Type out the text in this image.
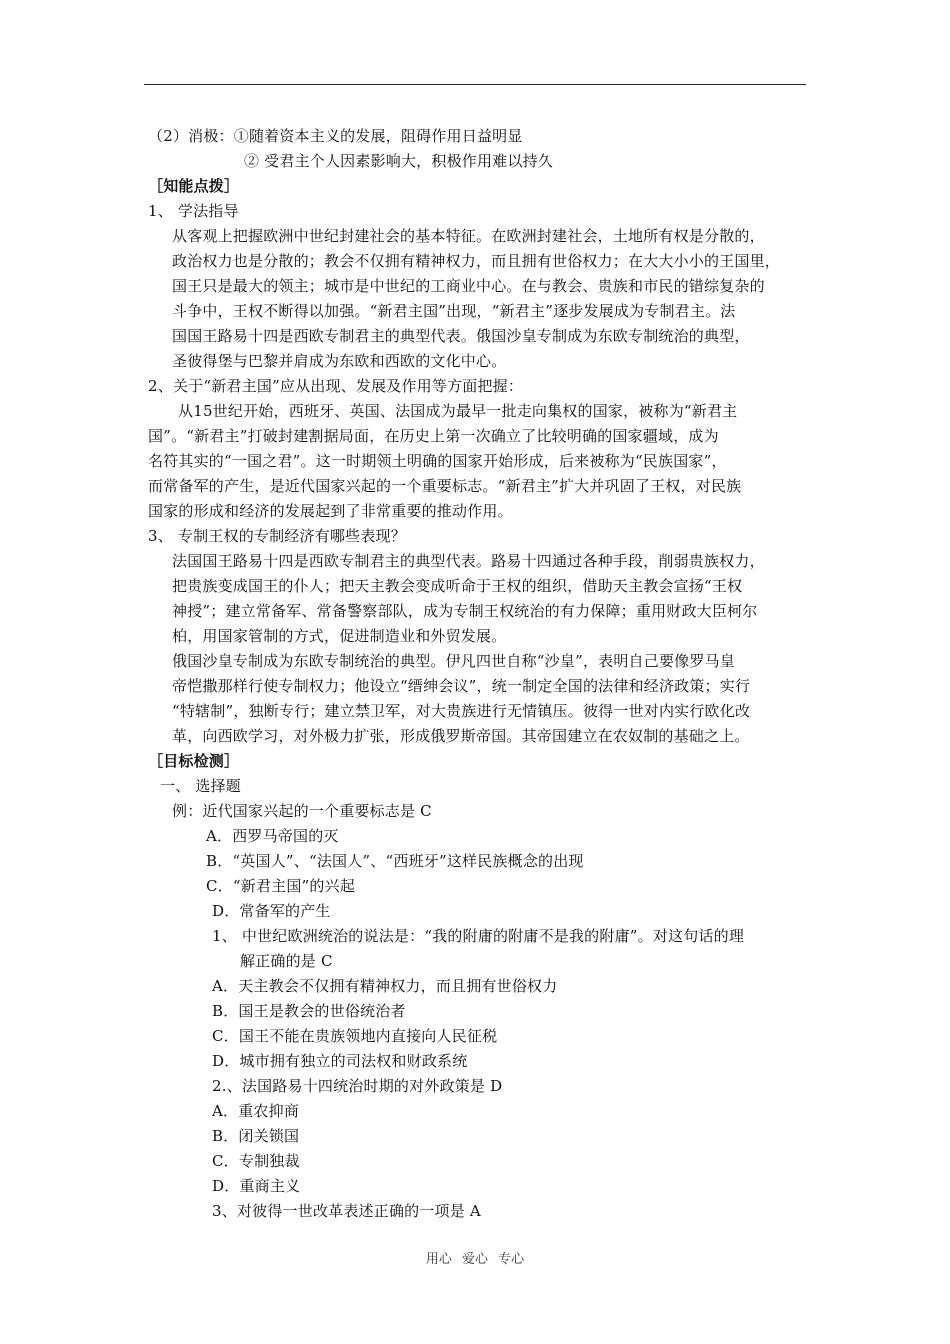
（2）消极：①随着资本主义的发展，阻碍作用日益明显
② 受君主个人因素影响大，积极作用难以持久
［知能点拨］
1、 学法指导
从客观上把握欧洲中世纪封建社会的基本特征。在欧洲封建社会，土地所有权是分散的，
政治权力也是分散的；教会不仅拥有精神权力，而且拥有世俗权力；在大大小小的王国里，
国王只是最大的领主；城市是中世纪的工商业中心。在与教会、贵族和市民的错综复杂的
斗争中，王权不断得以加强。“新君主国”出现，“新君主”逐步发展成为专制君主。法
国国王路易十四是西欧专制君主的典型代表。俄国沙皇专制成为东欧专制统治的典型，
圣彼得堡与巴黎并肩成为东欧和西欧的文化中心。
2、关于“新君主国”应从出现、发展及作用等方面把握：
从15世纪开始，西班牙、英国、法国成为最早一批走向集权的国家，被称为“新君主
国”。“新君主”打破封建割据局面，在历史上第一次确立了比较明确的国家疆域，成为
名符其实的“一国之君”。这一时期领土明确的国家开始形成，后来被称为“民族国家”，
而常备军的产生，是近代国家兴起的一个重要标志。“新君主”扩大并巩固了王权，对民族
国家的形成和经济的发展起到了非常重要的推动作用。
3、 专制王权的专制经济有哪些表现？
法国国王路易十四是西欧专制君主的典型代表。路易十四通过各种手段，削弱贵族权力，
把贵族变成国王的仆人；把天主教会变成听命于王权的组织，借助天主教会宣扬“王权
神授”；建立常备军、常备警察部队，成为专制王权统治的有力保障；重用财政大臣柯尔
柏，用国家管制的方式，促进制造业和外贸发展。
俄国沙皇专制成为东欧专制统治的典型。伊凡四世自称“沙皇”，表明自己要像罗马皇
帝恺撒那样行使专制权力；他设立“缙绅会议”，统一制定全国的法律和经济政策；实行
“特辖制”，独断专行；建立禁卫军，对大贵族进行无情镇压。彼得一世对内实行欧化改
革，向西欧学习，对外极力扩张，形成俄罗斯帝国。其帝国建立在农奴制的基础之上。
［目标检测］
一、 选择题
例：近代国家兴起的一个重要标志是 C
A．西罗马帝国的灭
B．“英国人”、“法国人”、“西班牙”这样民族概念的出现
C．“新君主国”的兴起
D．常备军的产生
1、 中世纪欧洲统治的说法是：“我的附庸的附庸不是我的附庸”。对这句话的理
解正确的是 C
A．天主教会不仅拥有精神权力，而且拥有世俗权力
B．国王是教会的世俗统治者
C．国王不能在贵族领地内直接向人民征税
D．城市拥有独立的司法权和财政系统
2.、法国路易十四统治时期的对外政策是 D
A．重农抑商
B．闭关锁国
C．专制独裁
D．重商主义
3、对彼得一世改革表述正确的一项是 A
用心 爱心 专心
